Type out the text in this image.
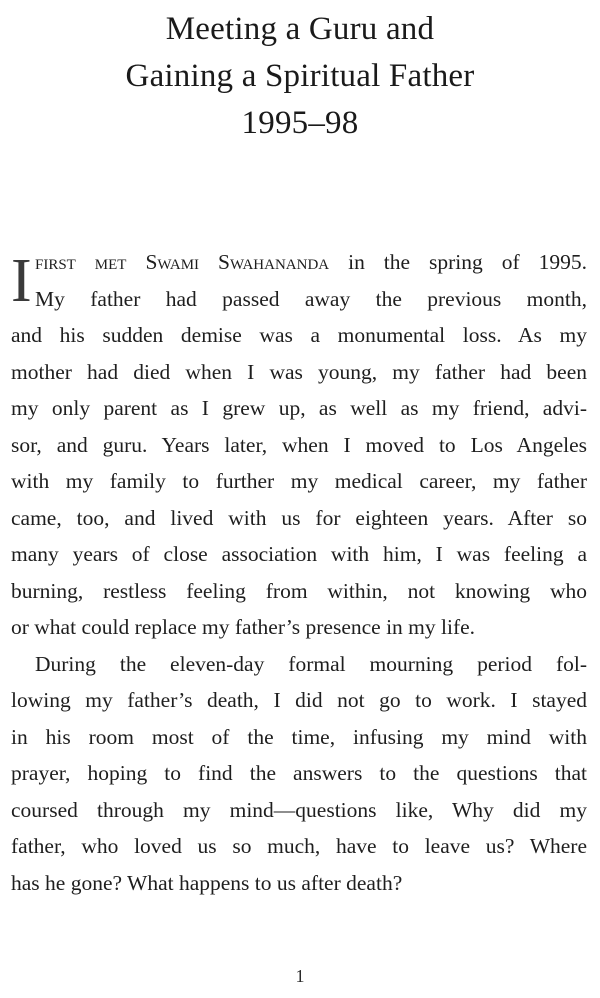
Meeting a Guru and
Gaining a Spiritual Father
1995–98
I first met Swami Swahananda in the spring of 1995.
My father had passed away the previous month,
and his sudden demise was a monumental loss. As my
mother had died when I was young, my father had been
my only parent as I grew up, as well as my friend, advi-
sor, and guru. Years later, when I moved to Los Angeles
with my family to further my medical career, my father
came, too, and lived with us for eighteen years. After so
many years of close association with him, I was feeling a
burning, restless feeling from within, not knowing who
or what could replace my father’s presence in my life.
During the eleven-day formal mourning period fol-
lowing my father’s death, I did not go to work. I stayed
in his room most of the time, infusing my mind with
prayer, hoping to find the answers to the questions that
coursed through my mind—questions like, Why did my
father, who loved us so much, have to leave us? Where
has he gone? What happens to us after death?
1
